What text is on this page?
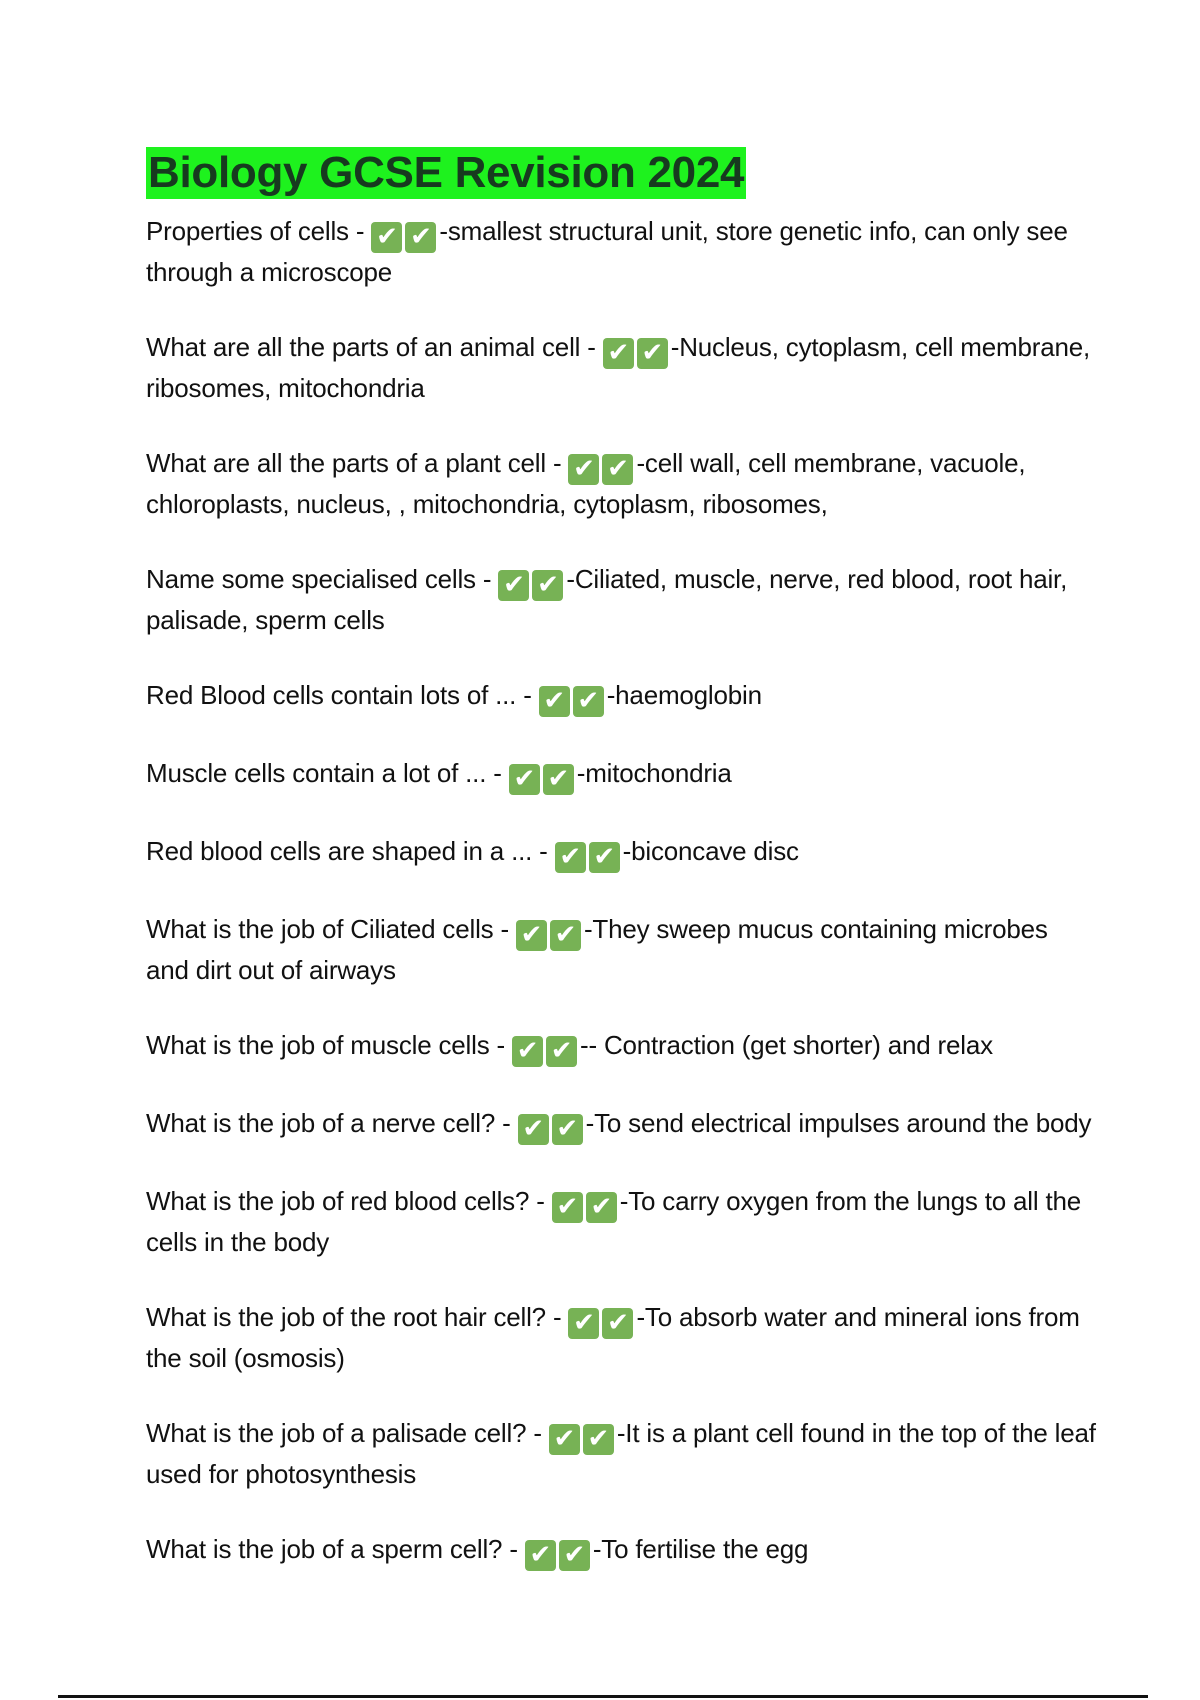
Biology GCSE Revision 2024
Properties of cells - ✔ ✔ -smallest structural unit, store genetic info, can only see through a microscope
What are all the parts of an animal cell - ✔ ✔ -Nucleus, cytoplasm, cell membrane, ribosomes, mitochondria
What are all the parts of a plant cell - ✔ ✔ -cell wall, cell membrane, vacuole, chloroplasts, nucleus, , mitochondria, cytoplasm, ribosomes,
Name some specialised cells - ✔ ✔ -Ciliated, muscle, nerve, red blood, root hair, palisade, sperm cells
Red Blood cells contain lots of ... - ✔ ✔ -haemoglobin
Muscle cells contain a lot of ... - ✔ ✔ -mitochondria
Red blood cells are shaped in a ... - ✔ ✔ -biconcave disc
What is the job of Ciliated cells - ✔ ✔ -They sweep mucus containing microbes and dirt out of airways
What is the job of muscle cells - ✔ ✔ -- Contraction (get shorter) and relax
What is the job of a nerve cell? - ✔ ✔ -To send electrical impulses around the body
What is the job of red blood cells? - ✔ ✔ -To carry oxygen from the lungs to all the cells in the body
What is the job of the root hair cell? - ✔ ✔ -To absorb water and mineral ions from the soil (osmosis)
What is the job of a palisade cell? - ✔ ✔ -It is a plant cell found in the top of the leaf used for photosynthesis
What is the job of a sperm cell? - ✔ ✔ -To fertilise the egg
